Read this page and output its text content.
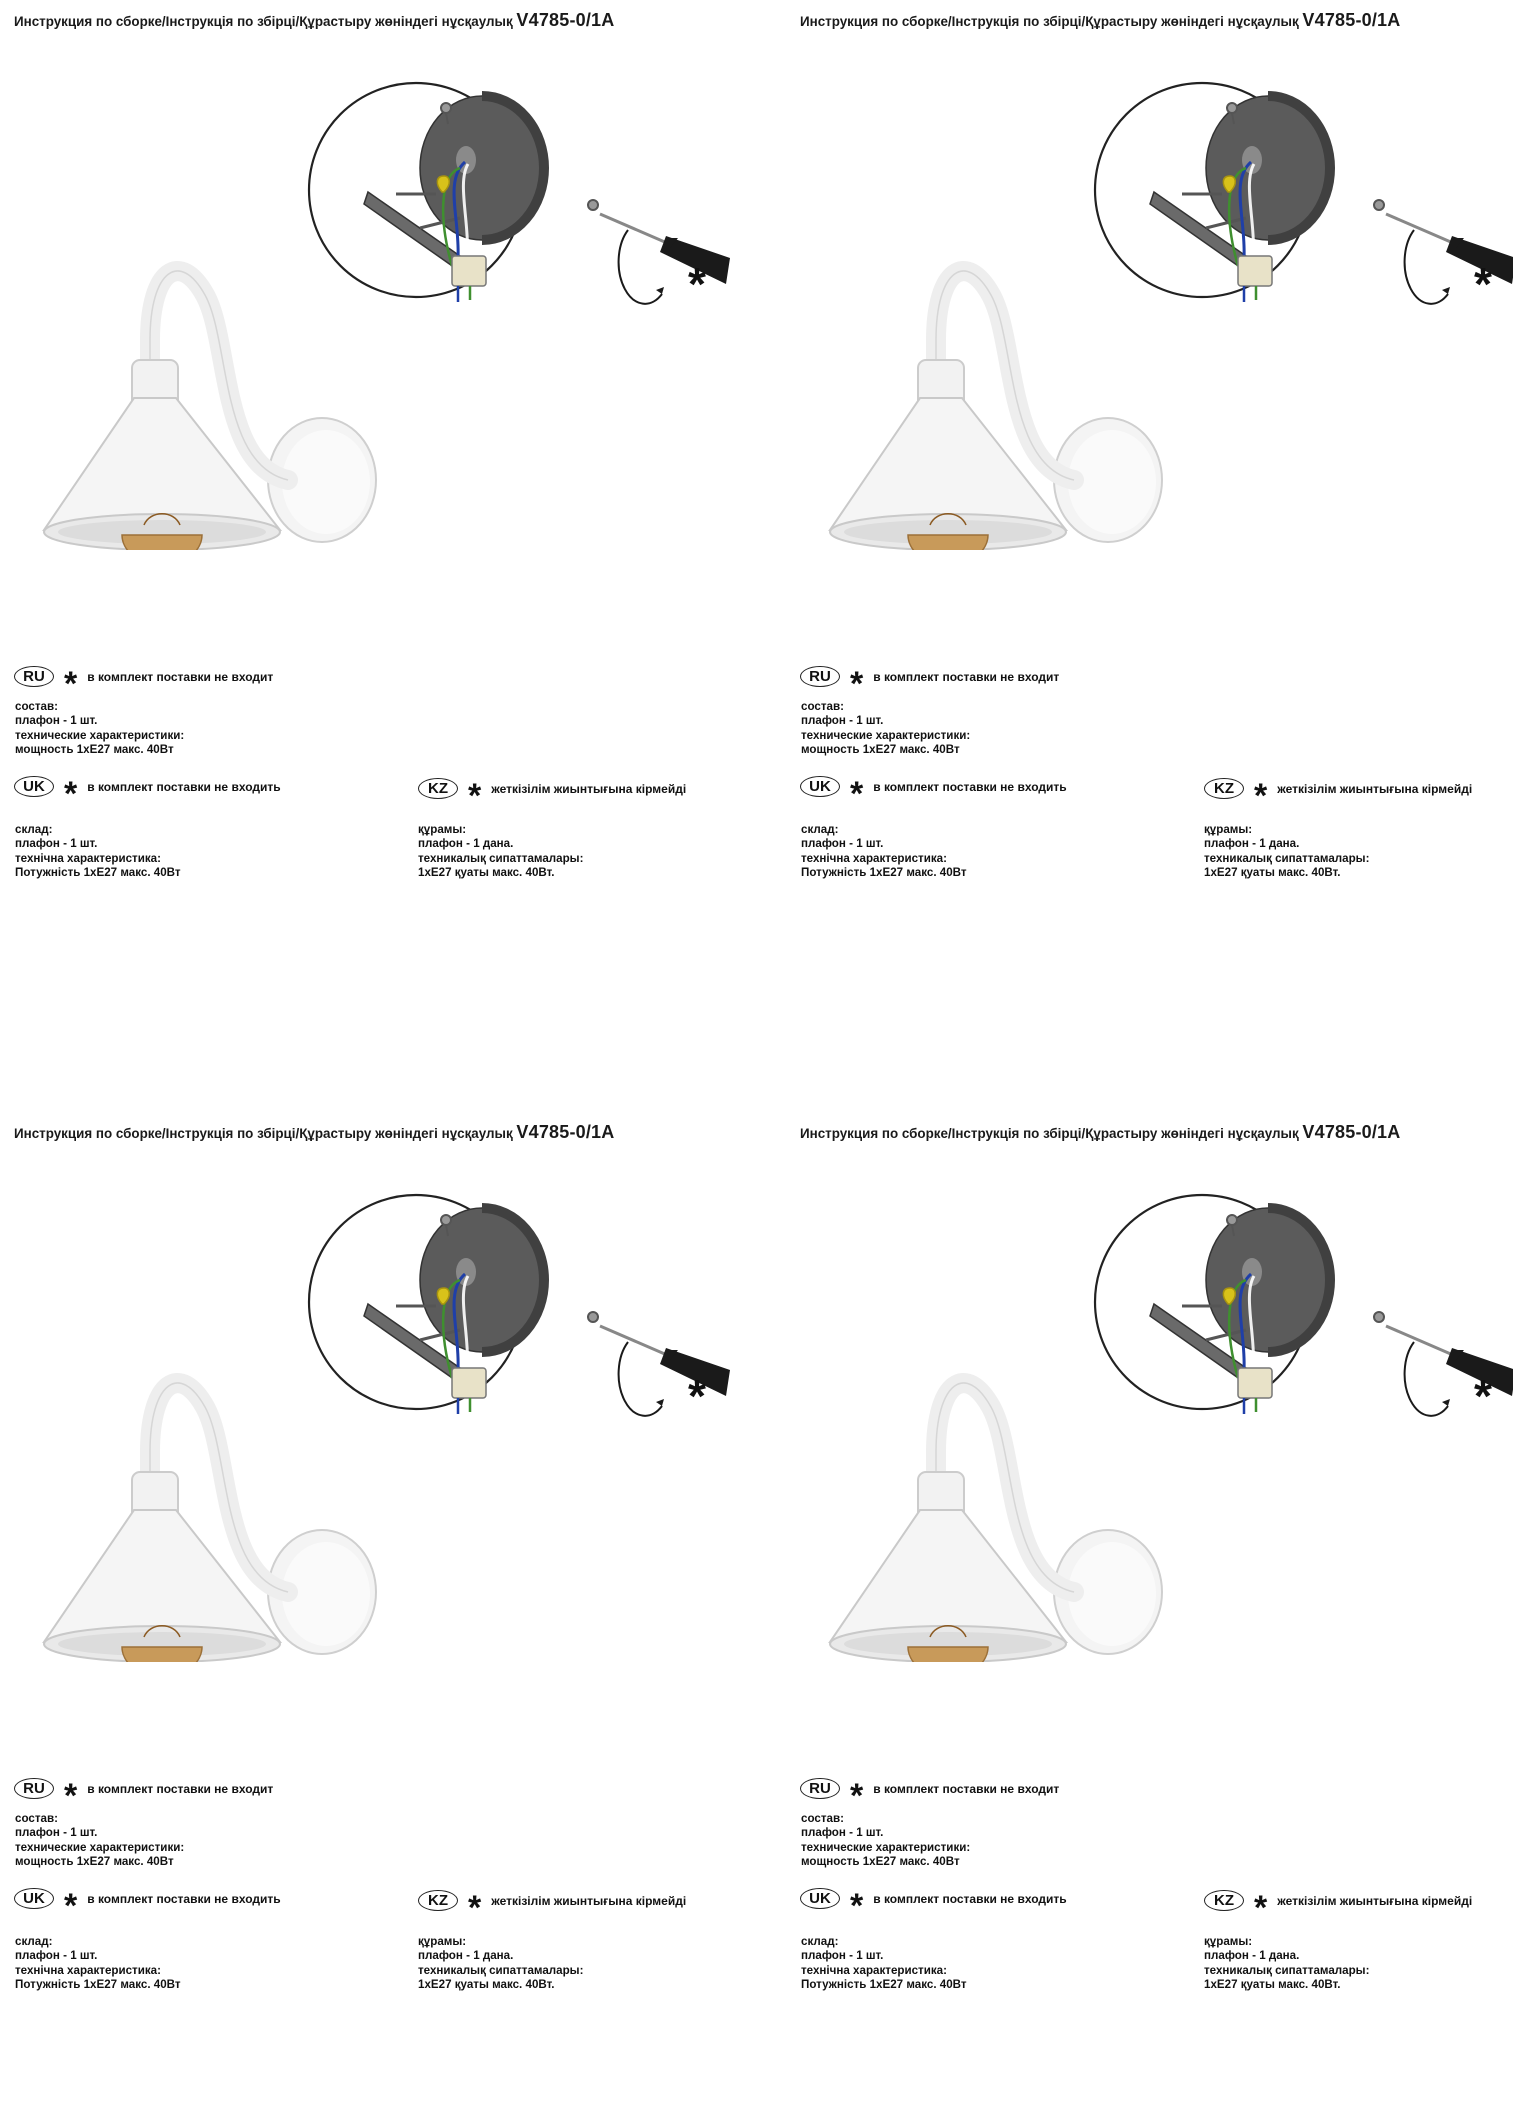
Инструкция по сборке/Інструкція по збірці/Құрастыру жөніндегі нұсқаулық V4785-0/1A
*
RU * в комплект поставки не входит
состав:
плафон - 1 шт.
технические характеристики:
мощность 1хE27 макс. 40Вт
UK * в комплект поставки не входить
склад:
плафон - 1 шт.
технічна характеристика:
Потужність 1хE27 макс. 40Вт
KZ * жеткізілім жиынтығына кірмейді
құрамы:
плафон - 1 дана.
техникалық сипаттамалары:
1хE27 қуаты макс. 40Вт.
Инструкция по сборке/Інструкція по збірці/Құрастыру жөніндегі нұсқаулық V4785-0/1A
*
RU * в комплект поставки не входит
состав:
плафон - 1 шт.
технические характеристики:
мощность 1хE27 макс. 40Вт
UK * в комплект поставки не входить
склад:
плафон - 1 шт.
технічна характеристика:
Потужність 1хE27 макс. 40Вт
KZ * жеткізілім жиынтығына кірмейді
құрамы:
плафон - 1 дана.
техникалық сипаттамалары:
1хE27 қуаты макс. 40Вт.
Инструкция по сборке/Інструкція по збірці/Құрастыру жөніндегі нұсқаулық V4785-0/1A
*
RU * в комплект поставки не входит
состав:
плафон - 1 шт.
технические характеристики:
мощность 1хE27 макс. 40Вт
UK * в комплект поставки не входить
склад:
плафон - 1 шт.
технічна характеристика:
Потужність 1хE27 макс. 40Вт
KZ * жеткізілім жиынтығына кірмейді
құрамы:
плафон - 1 дана.
техникалық сипаттамалары:
1хE27 қуаты макс. 40Вт.
Инструкция по сборке/Інструкція по збірці/Құрастыру жөніндегі нұсқаулық V4785-0/1A
*
RU * в комплект поставки не входит
состав:
плафон - 1 шт.
технические характеристики:
мощность 1хE27 макс. 40Вт
UK * в комплект поставки не входить
склад:
плафон - 1 шт.
технічна характеристика:
Потужність 1хE27 макс. 40Вт
KZ * жеткізілім жиынтығына кірмейді
құрамы:
плафон - 1 дана.
техникалық сипаттамалары:
1хE27 қуаты макс. 40Вт.
